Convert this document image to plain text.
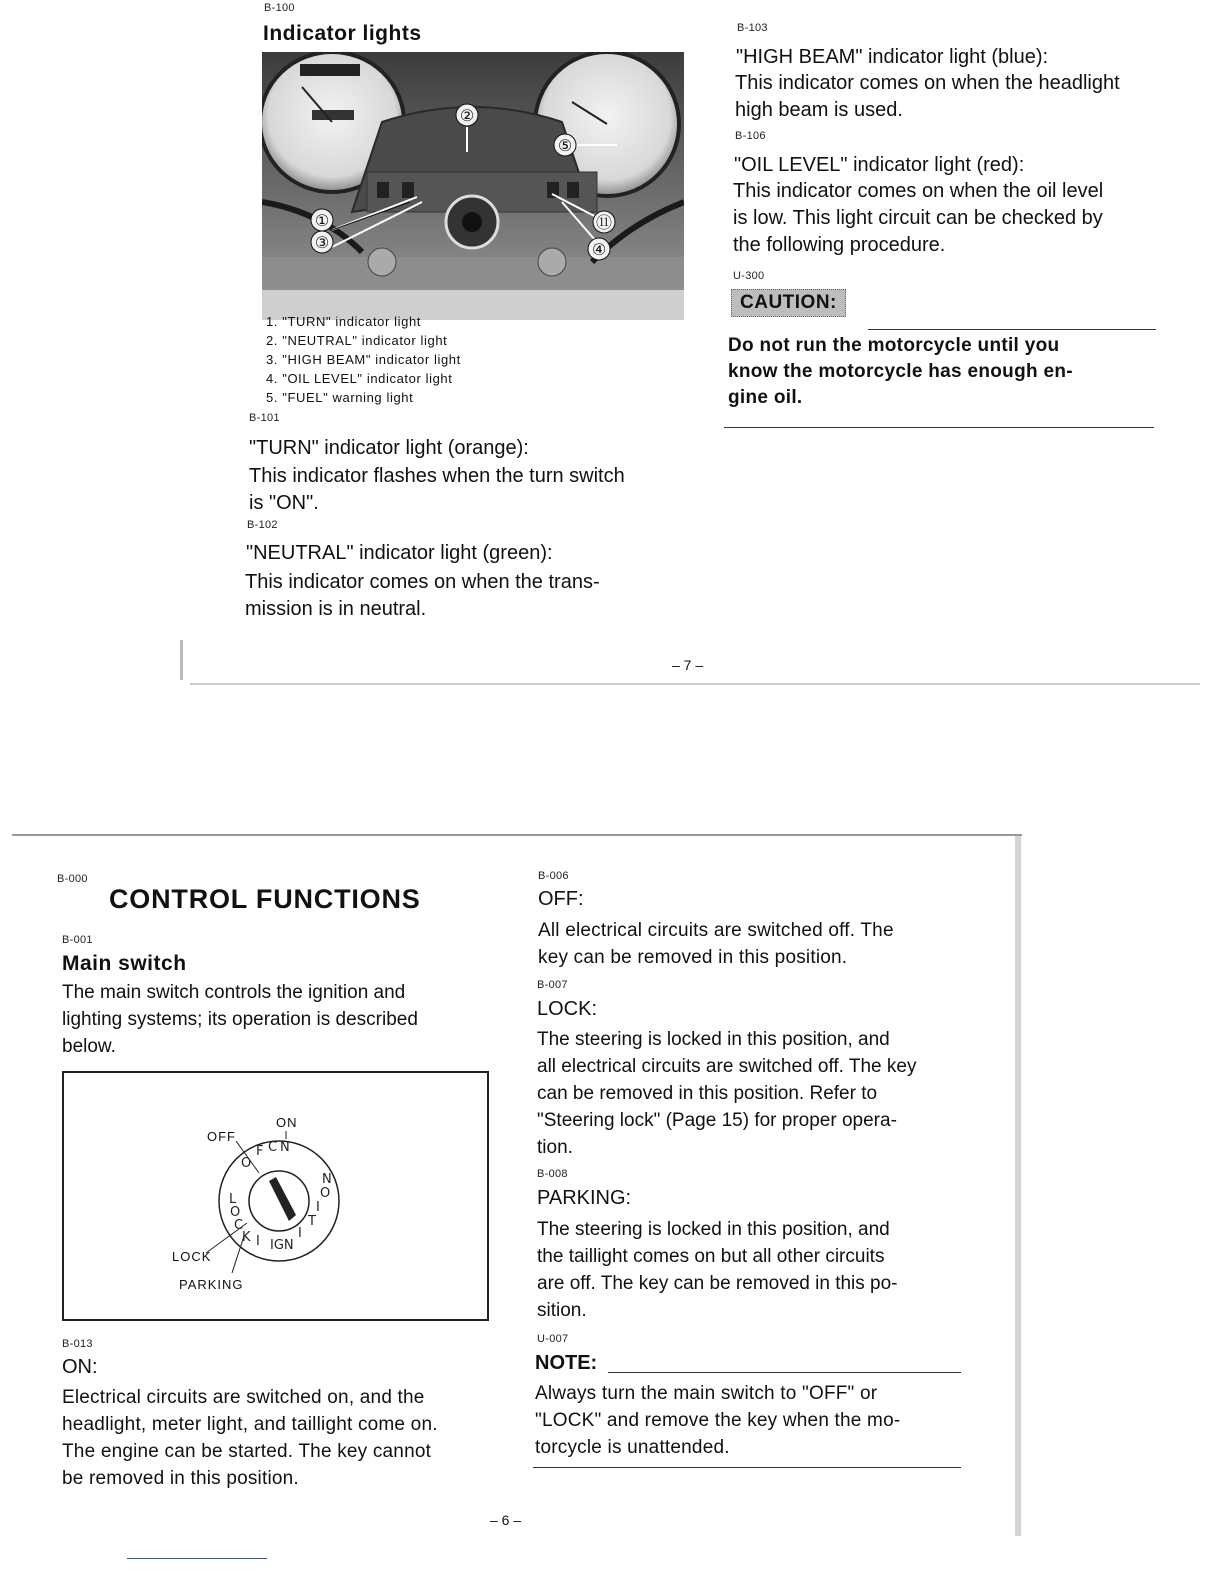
B-100
Indicator lights
②
⑤
①
③
⑪
④
1. "TURN" indicator light
2. "NEUTRAL" indicator light
3. "HIGH BEAM" indicator light
4. "OIL LEVEL" indicator light
5. "FUEL" warning light
B-101
"TURN" indicator light (orange):
This indicator flashes when the turn switch
is "ON".
B-102
"NEUTRAL" indicator light (green):
This indicator comes on when the trans-
mission is in neutral.
B-103
"HIGH BEAM" indicator light (blue):
This indicator comes on when the headlight
high beam is used.
B-106
"OIL LEVEL" indicator light (red):
This indicator comes on when the oil level
is low. This light circuit can be checked by
the following procedure.
U-300
CAUTION:
Do not run the motorcycle until you
know the motorcycle has enough en-
gine oil.
– 7 –
B-000
CONTROL FUNCTIONS
B-001
Main switch
The main switch controls the ignition and
lighting systems; its operation is described
below.
O
F C N
L
O
C
K I IGN
I
T
I
O
N
ON
OFF
LOCK
PARKING
B-013
ON:
Electrical circuits are switched on, and the
headlight, meter light, and taillight come on.
The engine can be started. The key cannot
be removed in this position.
B-006
OFF:
All electrical circuits are switched off. The
key can be removed in this position.
B-007
LOCK:
The steering is locked in this position, and
all electrical circuits are switched off. The key
can be removed in this position. Refer to
"Steering lock" (Page 15) for proper opera-
tion.
B-008
PARKING:
The steering is locked in this position, and
the taillight comes on but all other circuits
are off. The key can be removed in this po-
sition.
U-007
NOTE:
Always turn the main switch to "OFF" or
"LOCK" and remove the key when the mo-
torcycle is unattended.
– 6 –
